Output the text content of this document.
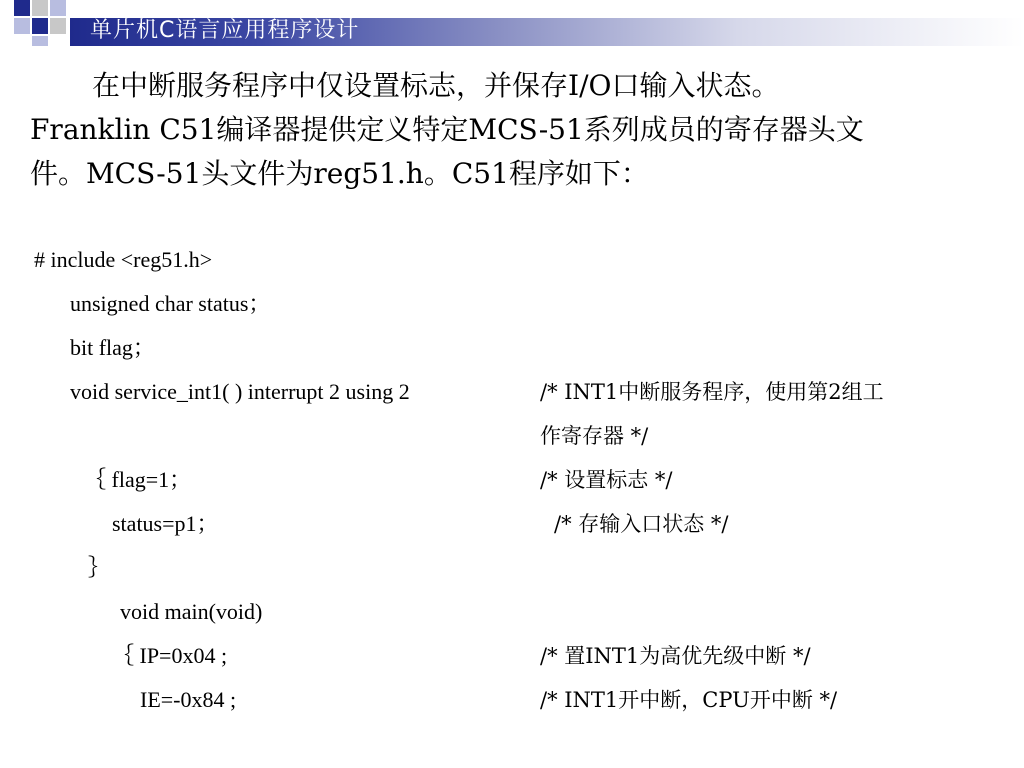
单片机C语言应用程序设计
在中断服务程序中仅设置标志，并保存I/O口输入状态。
Franklin C51编译器提供定义特定MCS-51系列成员的寄存器头文
件。MCS-51头文件为reg51.h。C51程序如下：
# include <reg51.h>
unsigned char status；
bit flag；
void service_int1( ) interrupt 2 using 2	/* INT1中断服务程序，使用第2组工
作寄存器 */
｛ flag=1；	/* 设置标志 */
status=p1；	/* 存输入口状态 */
｝
void main(void)
｛ IP=0x04 ;	/* 置INT1为高优先级中断 */
IE=-0x84 ;	/* INT1开中断，CPU开中断 */
